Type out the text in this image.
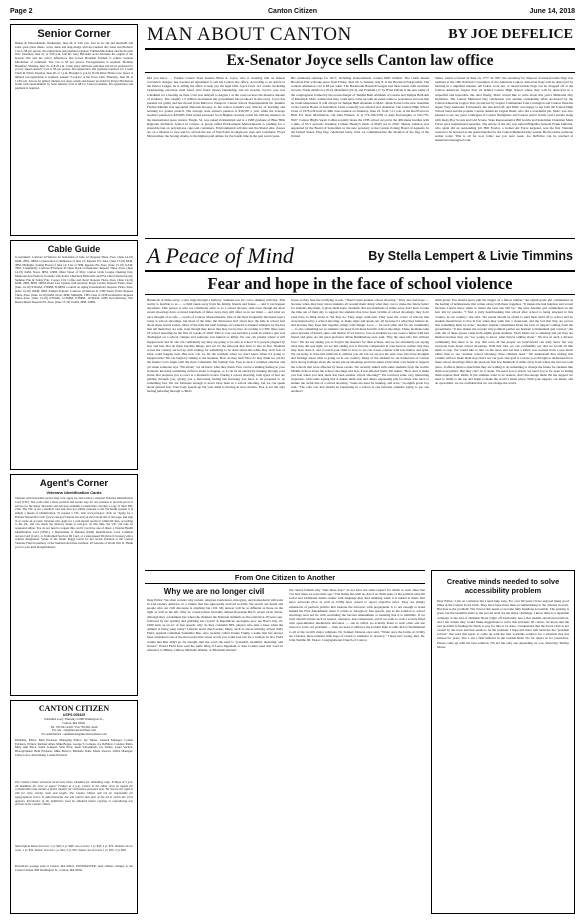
Page 2	Canton Citizen	June 14, 2018
Senior Corner
Dinner & Entertainment: Wednesday, June 20, at 3:45 p.m. Join us for ziti and meatballs and some great piano music, solos, duets and sing-alongs with the talented duo Gene and Barbara! Cost is $8 per person. Pre-registration and payment required. Truman/MacArthur and the Korean War: Thursday, June 21, at 2:30 p.m. Join Dr. Gary Hylander as he discusses the origins of the Korean War and the policy differences that forced President Truman to relieve General MacArthur of command. The cost is $3 per person. Pre-registration is required. Monthly Breakfast: Monday, June 25, at 8:45 a.m. Come enjoy delicious pancakes and bacon prepared for you by Queen Anne's! Cost is $5 per person. Pre-registration and payment required. Ice Cream Truck & Trivia: Tuesday, June 26, at 1 p.m. Brought to you by North River Home Care. Space is limited; pre-registration is required. Annual "Cook-In" at the Town Club: Thursday, June 28, at 11:30 a.m. Join us for grilled chicken, hot dogs, salads and dessert provided by Poley's Backstreet Grille with entertainment by Sean Ahearn! Cost is $8 for Canton residents. Pre-registration and payment is required.
Cable Guide
Government: Comcast 22/Verizon 42 Selectmen of June 12: Repeats Thurs.-Tues. (June 14-19) 6AM, 2PM, 10PM. Conservation Commission of June 13: Repeats Fri.-Tues. (June 15-19) 8AM, 4PM, Midnight. Zoning Board of June 14: Live at 7PM. Repeats Fri.-Tues. (June 15-19) 11AM, 7PM. Community: Comcast 8/Verizon 43 Open Rock Coffeehouse: Repeats Thurs.-Tues. (June 14-19) 6AM, Noon, 6PM, 10PM. Main Street of May: Canton Little League Opening Day, Memorial Arts Festival, in studio with Police Chief Ken Berkowitz and Fire Chief Charles Doody, Summer Fun & Safety Fair, Copper City Coffee and more! Repeats Thurs.-Tues. (June 14-19) 8AM, 2PM, 8PM, 10PM. Elder Law Update with Attorney Roger Levine: Repeats Thurs.-Tues. (June 14-19) 9:30AM, 3:30PM, 8:30PM. Council on Aging Presentations: Repeats Thurs.-Tues. (June 14-19) 10AM, 4PM. Student Stations: Comcast 12/Verizon 41 CHS Senior Prom: Repeats Thurs.-Tues. (June 14-19) 6AM, Noon, 6PM, Midnight. CHS Class of 2018 Graduation: Repeats Thurs.-Tues. (June 14-19) 6:30AM, 12:30PM, 6:30PM, 12:30AM. GMS Revolutionary War Reenactment: Repeats Fri.-Tues. (June 15-19) 10AM, 4PM, 10PM.
Agent's Corner
Veterans Identification Cards
Veterans with honorable service may now apply for and receive a national Veterans Identification Card (VIC). The cards offer a more portable and secure way for our veterans to provide proof of service for the many discounts and services available to them than carrying a copy of their DD-214s. The VIC is not a medical card and does not entitle veterans to the VA health system; it is simply a means of identification. To request a VIC, visit www.vets.gov, click on "Apply for a Printed Veteran ID Card" (www.vets.gov/veteran-id-card/) at the bottom left of the page, and sign in or create an account. Veterans who apply for a card should receive it within 60 days, according to the VA, and can check the delivery status at vets.gov. At this time, the VIC can only be requested online. You do not need to request this card if you have one of these: a Veteran Health Identification Card (VHIC), a Department of Defense (DoD) Identification Card, Common Access Card (CAC), or Uniformed Services ID Card, or a state-issued ID (driver's license) with a veteran designation. Salute of the Week: Peggy Gatch for her recent donation to the Canton Veterans Fund in memory of her husband and three brothers, all veterans of World War II. Thank you for your kind thoughtfulness!
CANTON CITIZEN
USPS 005329
Published every Thursday at 866 Washington St.,
Canton, MA 02021
Tel. 781-821-4418 • Fax 781-821-4419
For ads - ads@thecantoncitizen.com
For submissions - submissions@thecantoncitizen.com
Publisher, Editor: Beth Erickson. Managing Editor: Jay Turner. General Manager: Connie Erickson. Writers: Rachael Allen, Mike Berger, George T. Comeau, Joe DeFelice, Candace Pattis, Mary Ann Place, Stella Lempert, Sean Prior, Anne Schoenfeldt, Jay Turner, Laura Vachon. Photographers: Beth Erickson, Mike Baracci, Michelle Stark, Maria Stewart. Office Manager: Claire Joyce. Advertising: Connie Erickson
The Canton Citizen welcomes local news items. Deadline for submitting copy: Fridays at 5 p.m. All deadlines for news or space: Fridays at 5 p.m. Letters to the editor must be signed for consideration and contain a phone number for verification purposes only. We reserve the right to edit for style, clarity, taste and length. The Canton Citizen will not be responsible for typographical errors in advertisements but will reprint that part of the ad in which the error appears. Permission of the publishers must be obtained before copying or reproducing any portion of the Canton Citizen.
Subscription Rates: In-town: 1 yr. $29; 2 yr. $48; out-of-town: 1 yr. $42; 2 yr. $70. Student out-of-town: 1 yr. $32. Senior: in-town 1 yr. $22; 2 yr. $35. Senior out-of-town: 1 yr. $35; 2 yr. $60.
Periodicals postage paid at Canton, MA 02021. POSTMASTER: send address changes to the Canton Citizen, 866 Washington St., Canton, MA 02021.
MAN ABOUT CANTON	BY JOE DEFELICE
Ex-Senator Joyce sells Canton law office
Did you know … Former Canton State Senator Brian A. Joyce, who is awaiting trial on federal corruption charges, has reached an agreement to sell his Canton law office. According to an article in the Patriot Ledger, he is selling the office to help pay his legal bills. Joyce faces 113 counts, including racketeering, extortion, mail fraud, wire fraud, money laundering, and tax evasion. Joyce's case was scheduled for a hearing on June 1 but was delayed to August 1 as the court reviews the massive amount of evidence. The roughly 1.5 million documents the government has produced in discovery. Joyce has pleaded not guilty and has moved from Milton to Westport. Canton School Superintendent Dr. Jennifer Fischer-Mueller has appointed Deborah Rooney as the school system's new director of teaching and learning for grades preK-8. The average state retiree's pension is $36,587 a year while the average teacher's pension is $45,683. Pilot tested astronaut Scott Hughes recently coded his 168-day mission on the international space station. Tingle, 52, was raised in Randolph and is a 1983 graduate of Blue Hills Regional Technical School in Canton. A group called Environment Massachusetts is pushing for a statewide ban on polystyrene cups and containers. Environmental activists and the liberal elite classes are on a mission to race and for all ban the use of Styrofoam in single-use cups and containers. Floyd Mayweather, the boxing champ, is the highest paid athlete for the fourth time in the past seven years.
His estimated earnings for 2017, including endorsements, totaled $285 million. The 144th annual Brockton Fair will take place from Friday, June 29, to Sunday, July 8, at the Brockton Fairgrounds. The walk-in admission cost is $8 per adult. The Backbooth Baseball League had three teams with excellent records: North Attleboro (18-2), Mansfield (19-3), and Franklin (17-5). B'nai Tikvah is the new name of the congregation formed by the recent merger of Temple Beth Abraham of Canton and Temple Beth Am of Randolph. MAC wishes that they could have come up with an easier name to pronounce and one that he could understand. It will always be Temple Beth Abraham to MAC. Mark Porter is the new chairman of the Canton Board of Selectmen. Chris Connolly was elected vice chairman. The Canton High School Class of 1978 will hold its 40th class reunion on Saturday, June 23, from 7-11 p.m. at the Red Parrot in Hull. For more information, call John Winters, Jr. at 774-766-5259 or Amy Kavanagher at 310-779-8167. Canton High's Sarah Collins recently broke the CHS school record in the 400-meter hurdles with a time of 65.5 seconds, breaking Colleen Healey's mark of 66.65 set in 2010. Sharon Johnson was appointed by the Board of Selectmen as the new secretary to the Canton Zoning Board of Appeals. In the United States, Flag Day, celebrated today, June 14, commemorates the adoption of the flag of the United
States, which occurred on June 14, 1777. In 1937, the ceremony for disposal of unserviceable flags was outlined at the 19th National Convention of the American Legion. American flags will be destroyed by burning in a dignified manner. All faded, worn out, or unserviceable flags can be dropped off at the Canton American Legion Post 24 behind Canton High School where they will be destroyed in a respectful and honorable rite. And finally, MAC would like to write about this year's Memorial Day festivities. The Canton Memorial Day celebration was another outstanding affair sponsored by the Canton American Legion Post 24 and led by Legion Commander John Carrington and Canton Veterans Agent Tony Andreotti. Fortunately, the rain held off, and MAC was happy to see both the Canton High School band and the popular Canton American Legion Band, who did a wonderful job. MAC was also pleased to see our great contingent of Canton firefighters and Canton police in this year's parade along with many Boy Scouts and Girl Scouts. State Representative Bill Galvin and Selectmen Chairman Mark Porter gave inspirational speeches. The emcee of the day was retired Brigadier General Frank LaRotha, who again did an outstanding job. Bill Fowler, a former Air Force sergeant, was the first Vietnam veteran to be honored as the grand marshal for the Canton Memorial Day parade. Be the rumor someone earlier today. This is all for now folks; see you next week. Joe DeFelice can be reached at manaboutcanton@aol.com.
A Peace of Mind	By Stella Lempert & Livie Timmins
Fear and hope in the face of school violence
Hundreds of miles away, a shot rings through a hallway. Students run for cover, shaking with fear. This reality is horrible to us — a child taken away from his family, friends and future — and it can happen anywhere. This person is who we commonly refer to as a school shooter. And even though the most recent shootings have occurred hundreds of miles away, they still affect us in our mind — and what we once thought of as safe — towns of Canton, Massachusetts. One of the most frequently discussed topics today is school shootings, but most of the time, the discussion isn't about how the kids in school feel about these horrid events. Most of the time the kids' feelings are reduced to hushed whispers by the lies that tell them they are safe, even though they know that may not be true. According to CNN, there were 23 school shootings in the first 21 weeks of 2018. This is over one incident a week in which a gun was discharged on a school campus and someone was injured or killed. No one can predict where it will happen next and no one can confidently say they are going to be safe at school. It is people plagued by fear and bias that do these horrible things, and yet it's the innocent that have to live in fear. Students across the country are fed up with waiting for something to be done about this while they sit in fear of what could happen next. But how can we fix the problem when we don't know when it's going to happen next? We can begin by talking to the students. How do they feel? How do they think we can fix the future? Let's begin with the most commonly felt feeling: fear. Fear is such a complex emotion and yet when someone says "I'm afraid," we all know what they mean. Fear can be a sinking feeling in your stomach, knowing something awful is about to happen, or it can be an electricity running through your bones that prepares you to react at a moment's notice. During a school shooting, both types of fear are pulsing through you, giving you a harrowing feeling but knowing you have to be prepared to do something fast. We are fortunate enough to never have been in a school shooting, but we can speak about general fear. Your body speeds up but your mind is moving in slow motion. Fear is not the only feeling pulsating through a child's
bones as they hear the terrifying words, "There's been another school shooting." They also feel hope — because when they hear about students all around them doing what they can to make the future better for students like them, it gives them hope. Students that lost hundreds of miles away don't have to take the time out of their day to support the students that have been victims of school shootings; they don't even have to think about it. Yet they do. They stage walk-outs. They wear the colors of schools that were impacted by a school shooting, or make signs and speak out, all because it's what they believe in, and because they hope that together, things will change. Love — for each other and for our community — is also something we as students can learn from these horrific school shootings. These incidents take place because of hatred, spite, and malice. If we learn to love as students we can create a future with less hatred and spite. As the great professor Albus Dumbledore once said, "Pity the ones who live without love." We are not asking you to forgive the shooters for their actions, and we are absolutely not saying what they did was right; we are just asking you to find the compassion in your heart to realize why they may have done it, and to teach your child to love so we can create a future with less malice and spite. We are lucky to have this platform to address you all, but we are not the only ones who have thoughts and feelings about what is going on in our country. Many of the students in our hometown of Canton have strong feelings about the recent school shootings and have taken it into their own hands to support the schools that were affected by these events. We recently talked with some students from the Galvin Middle School about the school shootings and how it has affected them. We asked, "How does it make you feel when you hear there has been another school shooting?" We received some very interesting responses, with some saying that it makes them sick and others expressing pity for those who have to endure the awful fate of a school shooting. "Guns are used for hunting, and wars," an eighth grade boy said. "The only war that should be happening in a school is one between students trying to top one another's
math grade. You should never pull the trigger on a fellow human." An eighth grade girl commented on the feeling of helplessness that comes along with these tragedies. "It makes me feel helpless and scared because I never know when or where the next one will be," she said. Another girl commented on the fear felt by parents. "I find it truly heartbreaking that school after school is being attacked in this country, in our country," she said. "No parent should be afraid to send their child off to school and no student should have to live in fear when they walk into a classroom, and the fact that they are proves that something must be done." Another student complained about the lack of support coming from the government. "It also makes me wonder why political parties are hesitant to implement gun control," she said. All of these quotes came from eighth grade students. Their ideals are so amazing and yet they are hushed because they are "too young to know what they're talking about." We live in such a diverse community that there is no way that even all the people we interviewed can truly show the way everyone feels about school shootings. With that said, we can confidently say that we would all like them to stop. We would like to turn on the news and see that a kitten was rescued from a tree much rather than to see "another school shooting: three children dead." We understand that writing this column will not make them stop; that's not our goal. Our goal is to have you all begin to understand how these school shootings affect the precious first few hundreds of miles away from where the last one took place. It affects them so much that they are willing to do something to change the future for students like them everywhere. But they can't do it alone. We need you to listen, we need you to be open to letting them express their ideals. If the students want to be leaders, don't discourage them. Be the support we need to climb to the top and begin to make the world a better place. With your support, our ideals, and an open mind, we are confident that we can change the world.
From One Citizen to Another
Why we are no longer civil
Dear Editor: We often wonder why racism, religious intolerance, misogyny, and homophobic still exist in 21st-century America, in a culture that has supposedly evolved socially. We search our heads and people who our civil discourse is anything but civil. My answer will be as different as those on the right as well as the left. Why do conservatives fervently defend Roseanne Barr's recent racist Tweet, although they condemned her when she shrieked the National Anthem on live television 18 years ago, followed by her spitting and grabbing her crotch? If Republican apologists now see Barr's July 25, 1990 antic as an act of free speech, why do they condemn NFL players who take a knee when the anthem is being sung today? Liberals aren't much better. Many, such as Oscar-winning actress Sally Field, applaud comedian Samantha Bee, who recently called Ivanka Trump a name that has always been considered one of the most pejorative swear words you could ever use for a woman. In fact, Field claims that Bee didn't go far enough, that the word she used is "powerful, beautiful, nurturing, and honest." Would Field have said the same thing if Laura Ingraham or Ann Coulter used that word in reference to Hillary Clinton, Michelle Obama, or Elizabeth Warren?
We cannot fathom why "kids these days" do not have the same respect for adults or each other that "we had when we were their age." The blame lies with us. All of us. Both sides of the political aisle fill social and traditional media outlets with language they find insulting when it is hurled at them. Our news networks (Fox as well as CNN) have ceased to report objective news. They are simply extensions of partisan politics that saturate the airwaves with propaganda. It is not enough to stand behind the First Amendment when it comes to derogatory free speech, just as the solution to school shootings does not lie with rescinding the Second Amendment or insisting that it is infallible. If we truly cherish virtues such as respect, tolerance, and compassion, and if we want to craft a society filled with open-minded, intellectual discourse — one in which we actually listen to each other and use reason to solve our problems — then we need to embrace the Golden Rule as ethic that is fundamental to all of the world's major religions. Dr. Samuel Johnson once said, "When once the forms of civility are violated, there remains little hope of return to kindness or decency." I hope he's wrong. Rev. Dr. John Tamilio III, Pastor, Congregational Church of Canton
Creative minds needed to solve accessibility problem
Dear Editor: I am on a mission but I need help asap. For over 60 years I have enjoyed many good times at the Canton Town Club. They have been more than accommodating to the citizens in town. But here is the problem: The Town Club needs to become fully handicap accessible. The parking is great, but the beautiful stairs to the second level are the major challenge. I know there is a reputable company at the end of Dedham Street (right off University Ave.) that installs elevators/escalators, and I am certain they would make suggestions to solve this problem. Of course, we know that the real problem is finding the funds to pay for this to be done. I understand that the Town Club is not owned by the town and that seems to be the problem. I hope this letter will motivate the "problem solvers" that read this paper to come up with the best workable solution for a situation that has existed for years. Yes, I am a firm believer in the Golden Rule: Do for others as for yourselves. Please come up with the best solution. I'm not the only one depending on you. Sincerely, Shirley Morse
